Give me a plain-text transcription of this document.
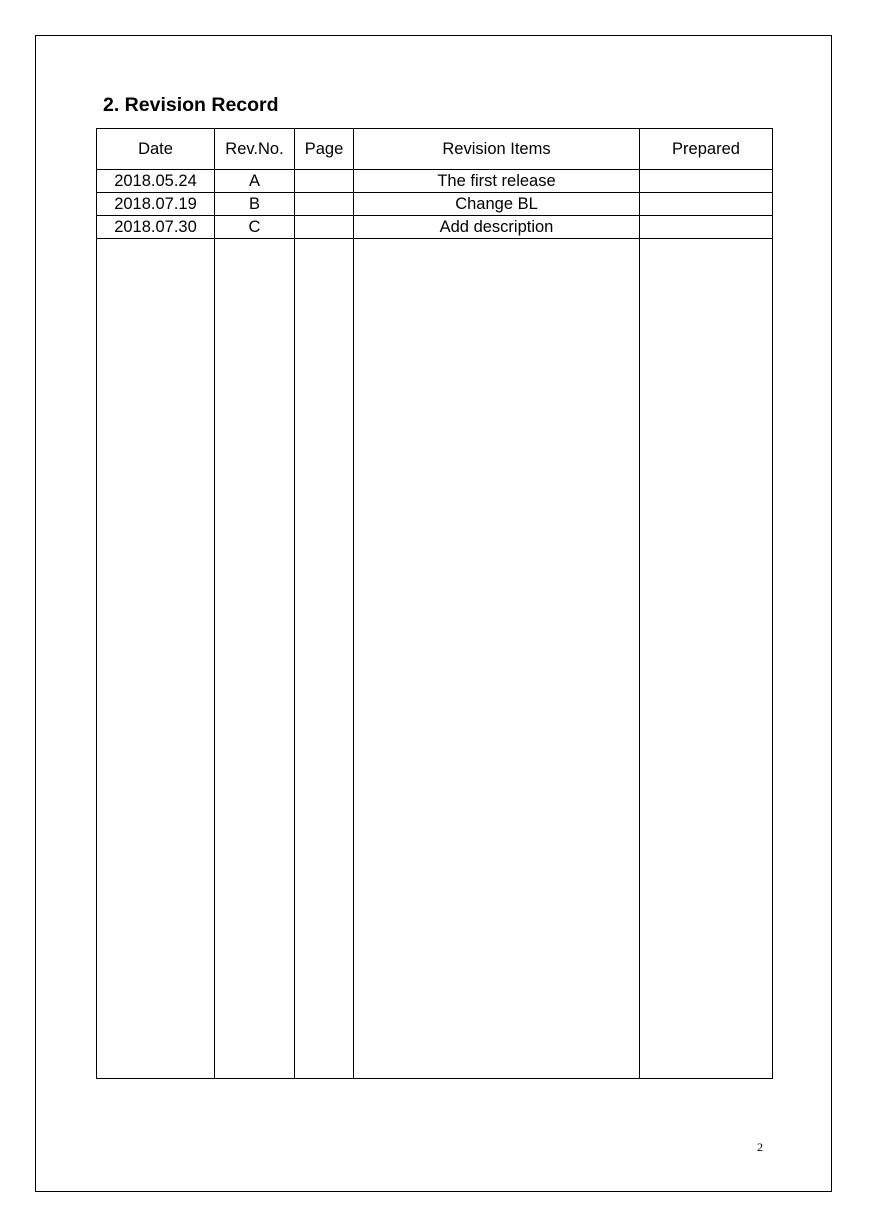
2. Revision Record
Date	Rev.No.	Page	Revision Items	Prepared
2018.05.24	A		The first release	
2018.07.19	B		Change BL	
2018.07.30	C		Add description	

2
